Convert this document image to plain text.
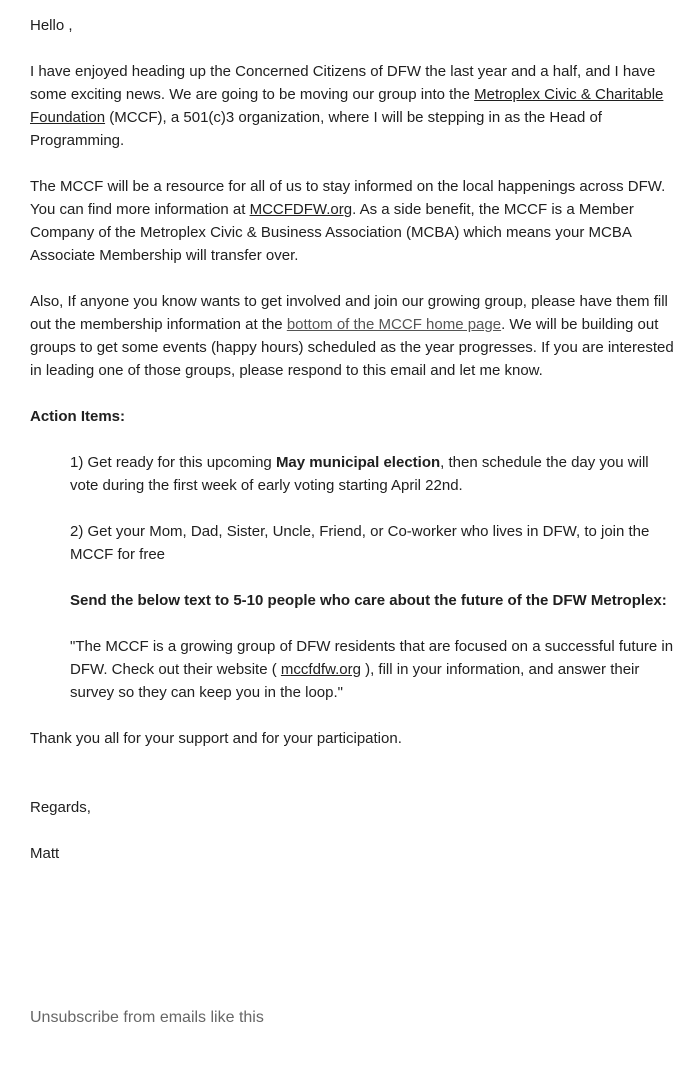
Hello ,

I have enjoyed heading up the Concerned Citizens of DFW the last year and a half, and I have some exciting news. We are going to be moving our group into the Metroplex Civic & Charitable Foundation (MCCF), a 501(c)3 organization, where I will be stepping in as the Head of Programming.

The MCCF will be a resource for all of us to stay informed on the local happenings across DFW. You can find more information at MCCFDFW.org. As a side benefit, the MCCF is a Member Company of the Metroplex Civic & Business Association (MCBA) which means your MCBA Associate Membership will transfer over.

Also, If anyone you know wants to get involved and join our growing group, please have them fill out the membership information at the bottom of the MCCF home page. We will be building out groups to get some events (happy hours) scheduled as the year progresses. If you are interested in leading one of those groups, please respond to this email and let me know.

Action Items:

1) Get ready for this upcoming May municipal election, then schedule the day you will vote during the first week of early voting starting April 22nd.

2) Get your Mom, Dad, Sister, Uncle, Friend, or Co-worker who lives in DFW, to join the MCCF for free

Send the below text to 5-10 people who care about the future of the DFW Metroplex:

"The MCCF is a growing group of DFW residents that are focused on a successful future in DFW. Check out their website ( mccfdfw.org ), fill in your information, and answer their survey so they can keep you in the loop."

Thank you all for your support and for your participation.

Regards,

Matt

Unsubscribe from emails like this
